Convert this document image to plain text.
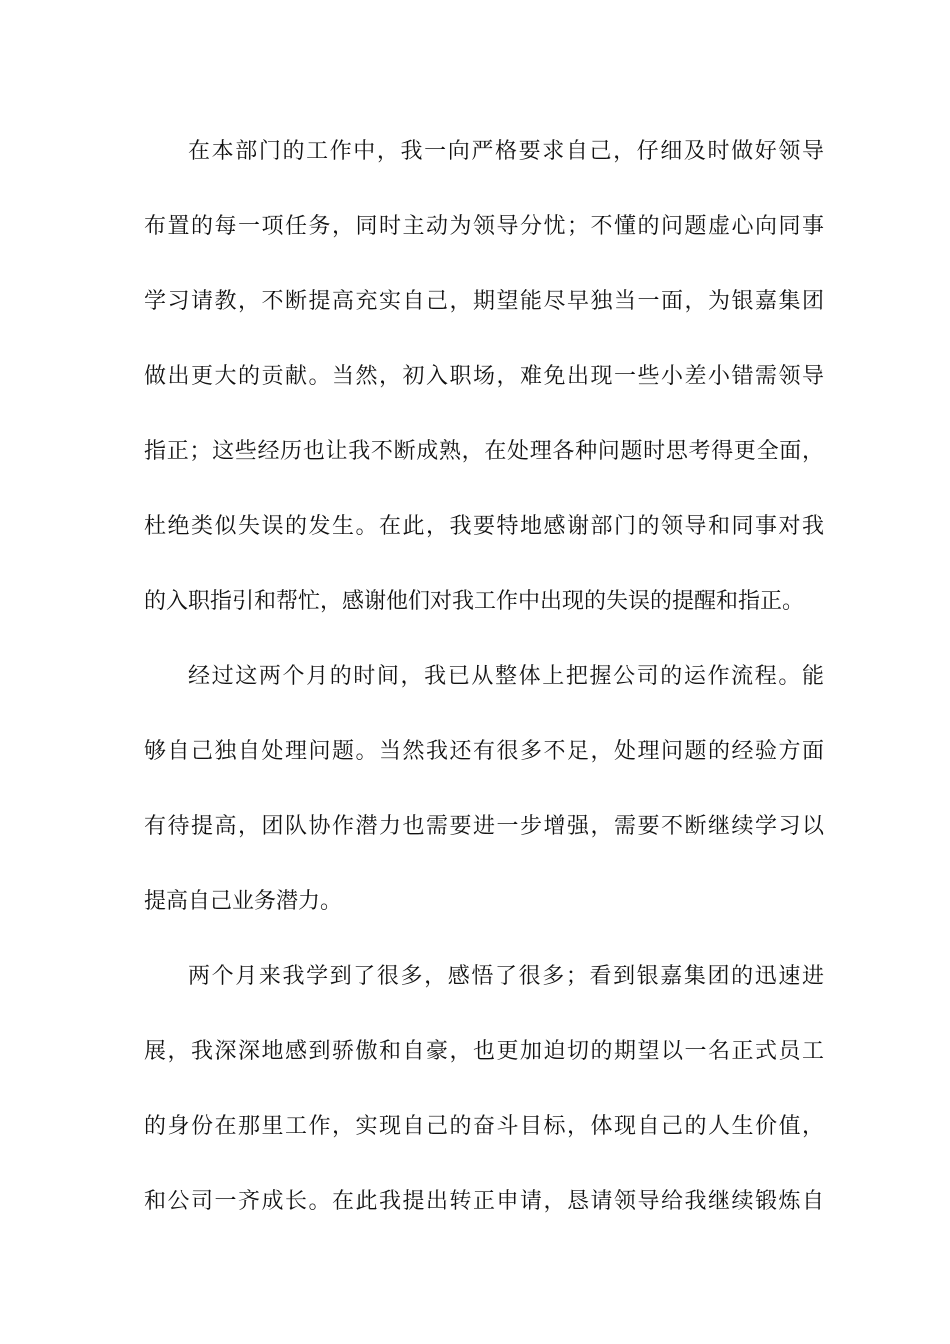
在本部门的工作中，我一向严格要求自己，仔细及时做好领导
布置的每一项任务，同时主动为领导分忧；不懂的问题虚心向同事
学习请教，不断提高充实自己，期望能尽早独当一面，为银嘉集团
做出更大的贡献。当然，初入职场，难免出现一些小差小错需领导
指正；这些经历也让我不断成熟，在处理各种问题时思考得更全面，
杜绝类似失误的发生。在此，我要特地感谢部门的领导和同事对我
的入职指引和帮忙，感谢他们对我工作中出现的失误的提醒和指正。
经过这两个月的时间，我已从整体上把握公司的运作流程。能
够自己独自处理问题。当然我还有很多不足，处理问题的经验方面
有待提高，团队协作潜力也需要进一步增强，需要不断继续学习以
提高自己业务潜力。
两个月来我学到了很多，感悟了很多；看到银嘉集团的迅速进
展，我深深地感到骄傲和自豪，也更加迫切的期望以一名正式员工
的身份在那里工作，实现自己的奋斗目标，体现自己的人生价值，
和公司一齐成长。在此我提出转正申请，恳请领导给我继续锻炼自
